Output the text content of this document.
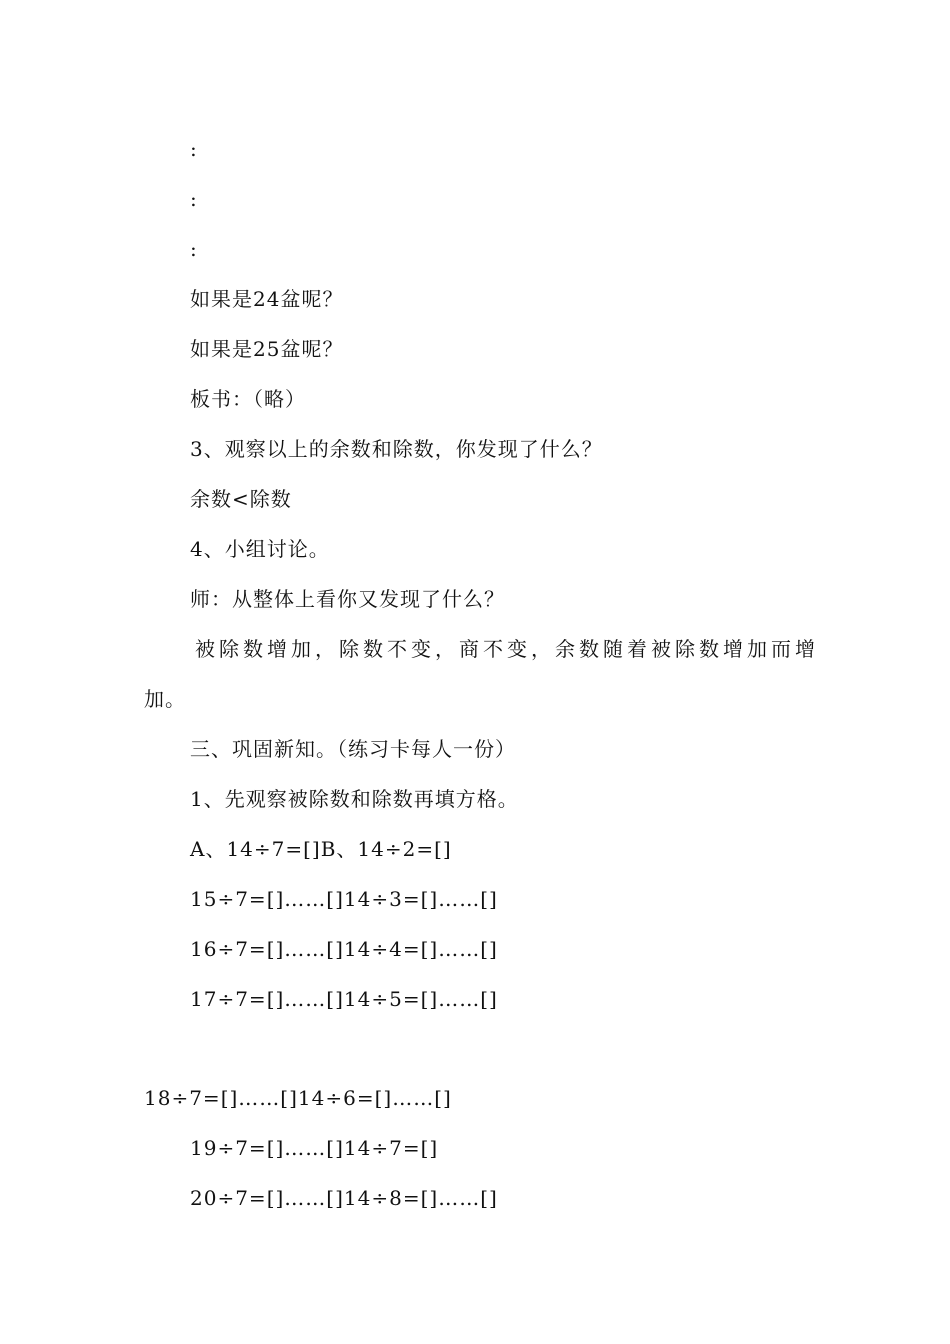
:
:
:
如果是24盆呢？
如果是25盆呢？
板书：（略）
3、观察以上的余数和除数，你发现了什么？
余数<除数
4、小组讨论。
师：从整体上看你又发现了什么？
被除数增加，除数不变，商不变，余数随着被除数增加而增
加。
三、巩固新知。（练习卡每人一份）
1、先观察被除数和除数再填方格。
A、14÷7=[]B、14÷2=[]
15÷7=[]……[]14÷3=[]……[]
16÷7=[]……[]14÷4=[]……[]
17÷7=[]……[]14÷5=[]……[]
18÷7=[]……[]14÷6=[]……[]
19÷7=[]……[]14÷7=[]
20÷7=[]……[]14÷8=[]……[]
